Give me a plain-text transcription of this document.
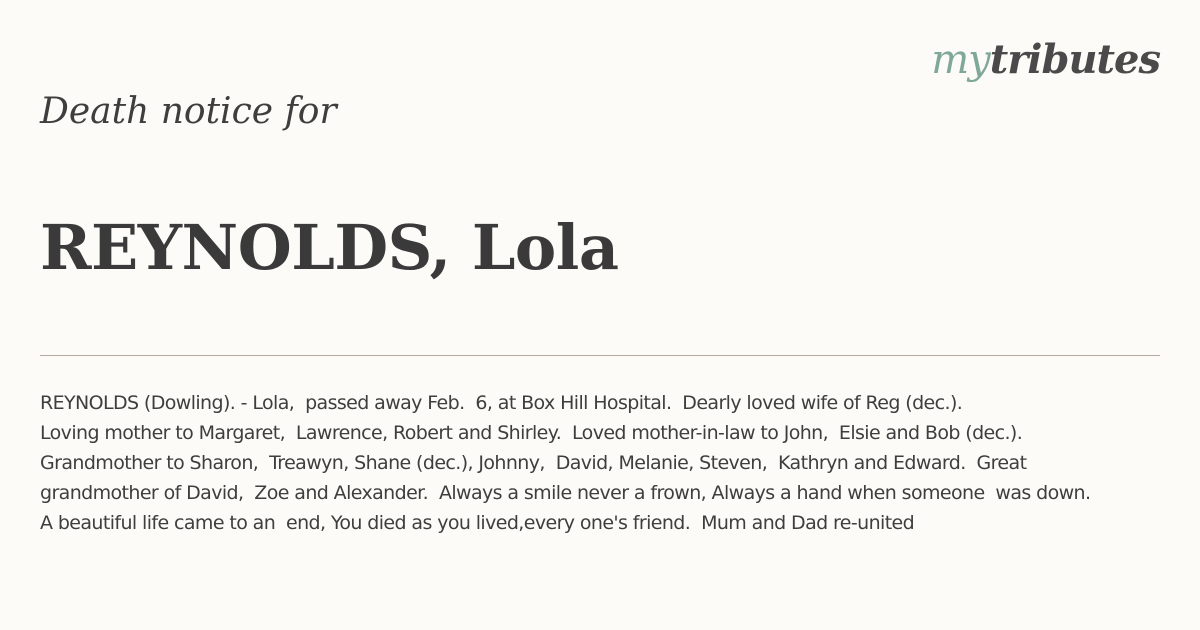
mytributes
Death notice for
REYNOLDS, Lola
REYNOLDS (Dowling). - Lola,  passed away Feb.  6, at Box Hill Hospital.  Dearly loved wife of Reg (dec.).
Loving mother to Margaret,  Lawrence, Robert and Shirley.  Loved mother-in-law to John,  Elsie and Bob (dec.).
Grandmother to Sharon,  Treawyn, Shane (dec.), Johnny,  David, Melanie, Steven,  Kathryn and Edward.  Great
grandmother of David,  Zoe and Alexander.  Always a smile never a frown, Always a hand when someone  was down.
A beautiful life came to an  end, You died as you lived,every one's friend.  Mum and Dad re-united
